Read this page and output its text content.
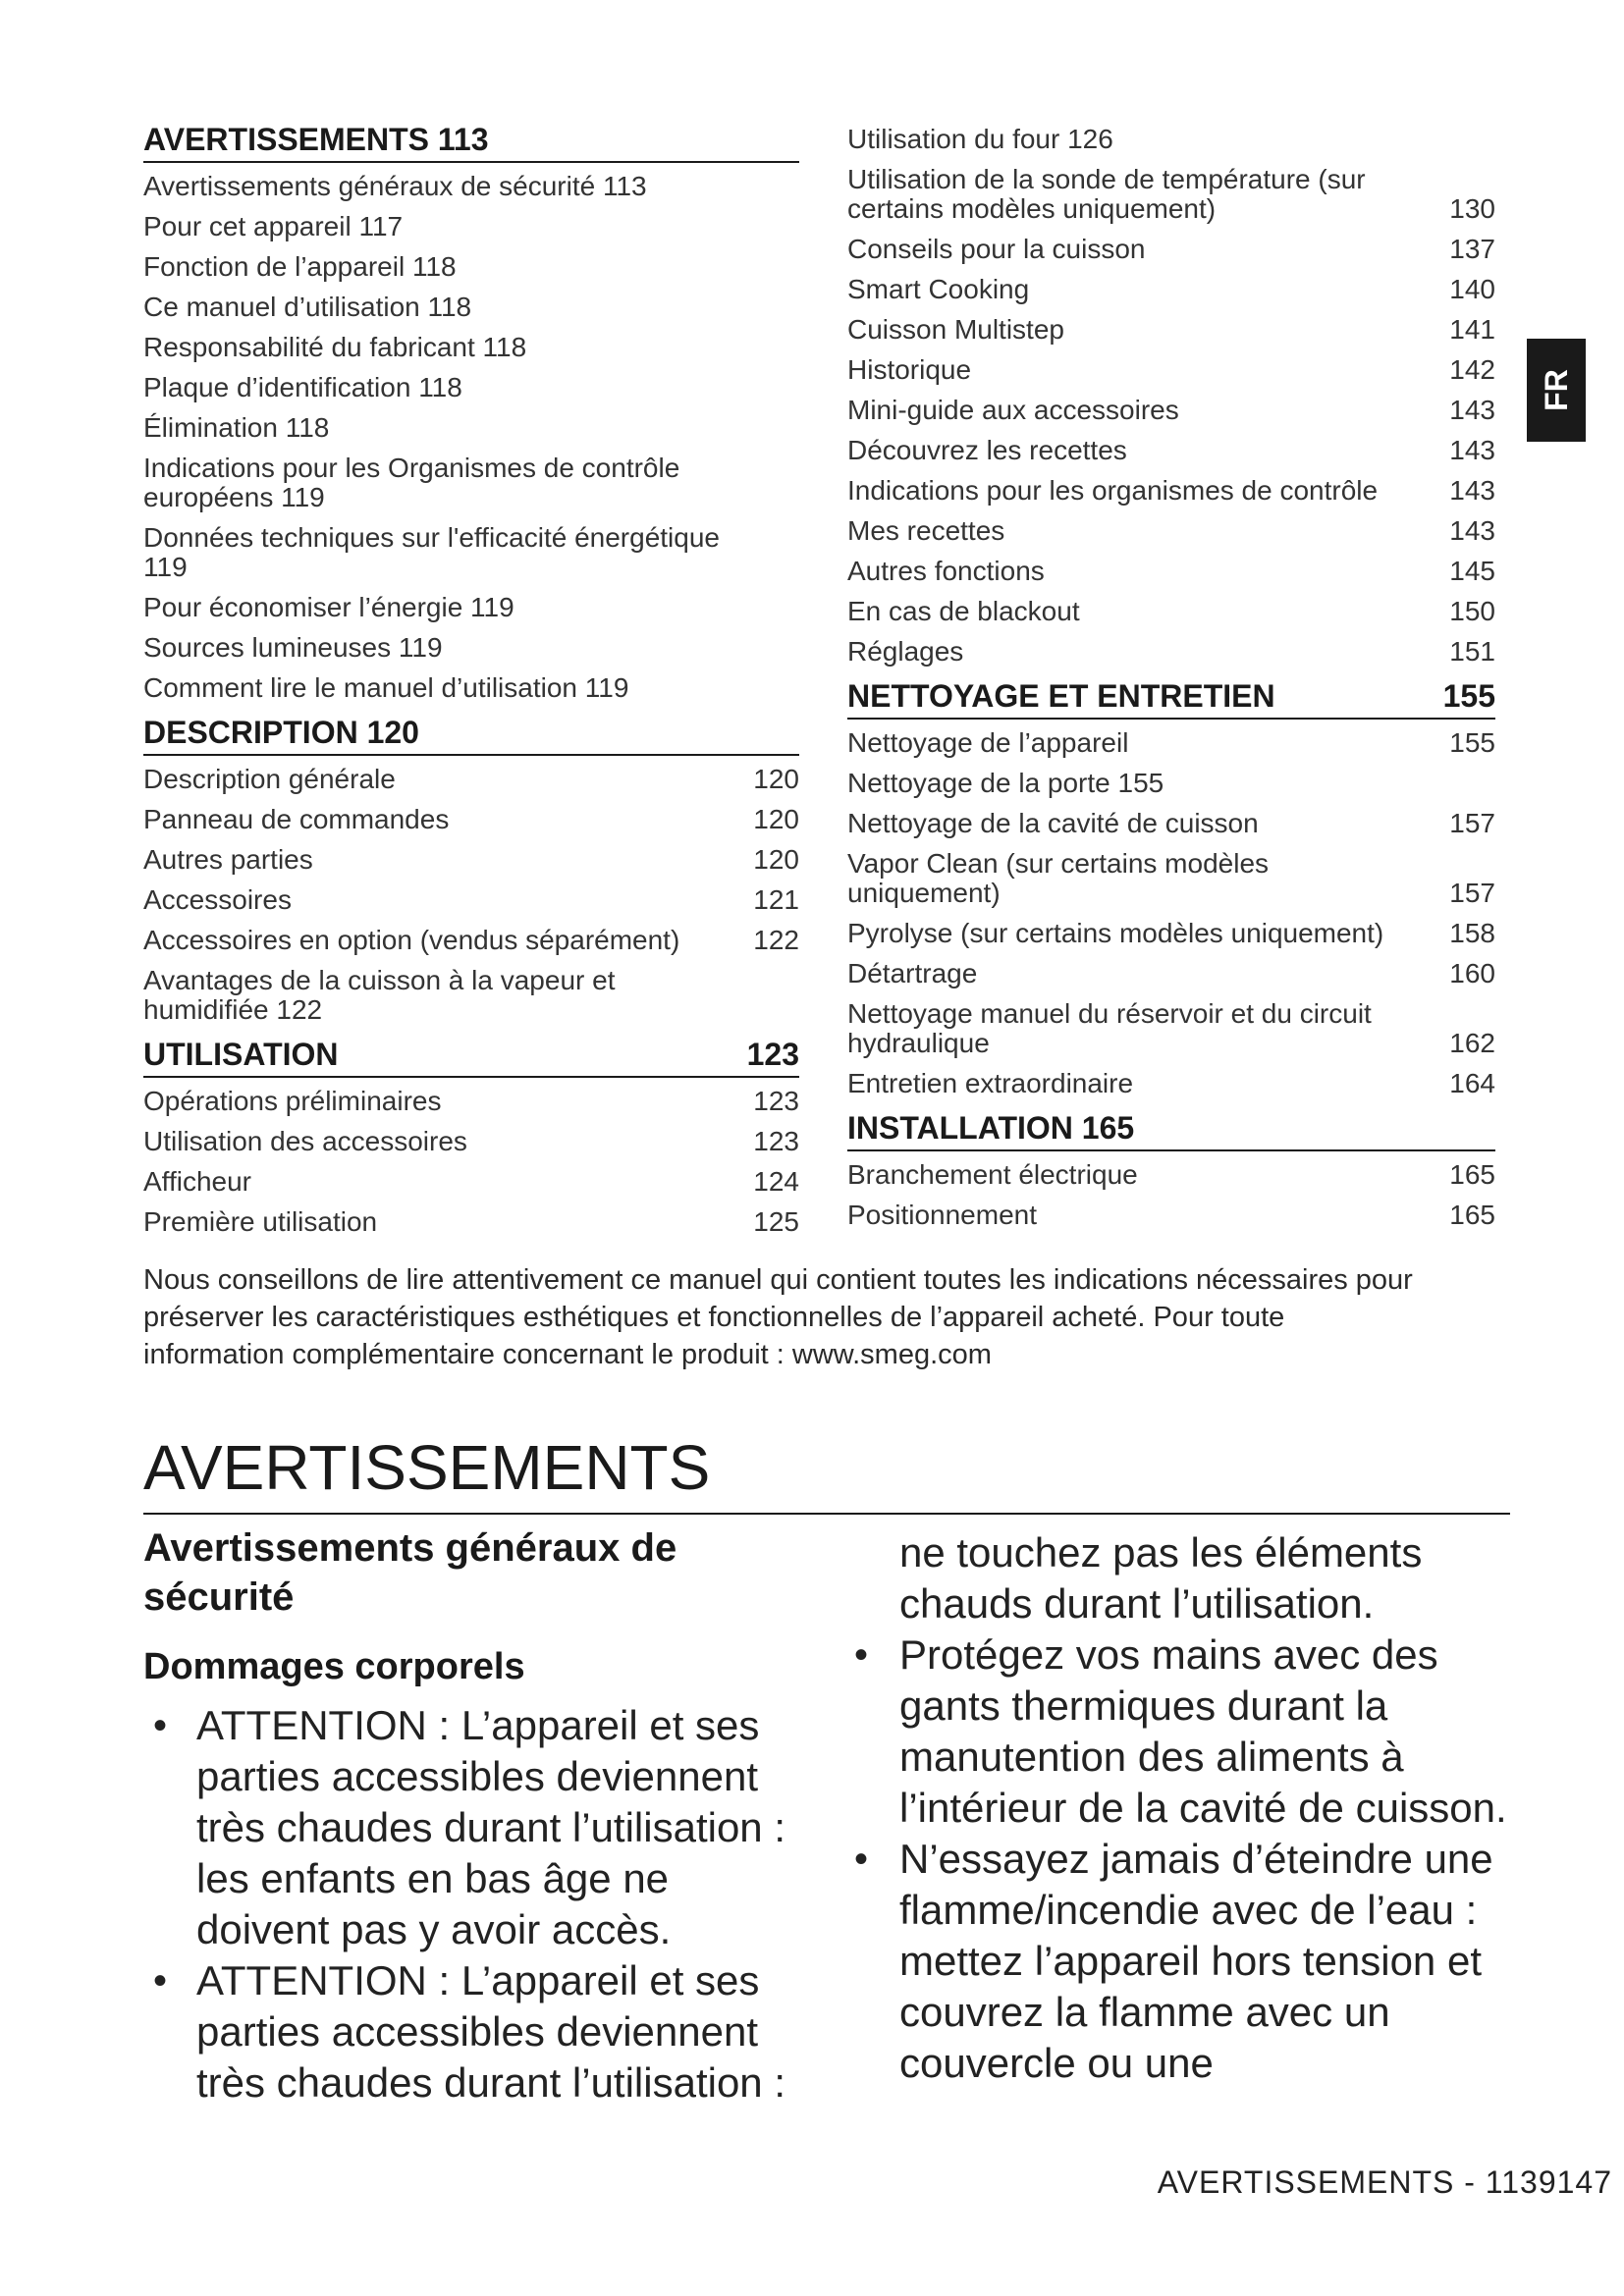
AVERTISSEMENTS 113
Avertissements généraux de sécurité 113
Pour cet appareil 117
Fonction de l’appareil 118
Ce manuel d’utilisation 118
Responsabilité du fabricant 118
Plaque d’identification 118
Élimination 118
Indications pour les Organismes de contrôle européens 119
Données techniques sur l'efficacité énergétique 119
Pour économiser l’énergie 119
Sources lumineuses 119
Comment lire le manuel d’utilisation 119
DESCRIPTION 120
Description générale	120
Panneau de commandes	120
Autres parties	120
Accessoires	121
Accessoires en option (vendus séparément)	122
Avantages de la cuisson à la vapeur et humidifiée 122
UTILISATION	123
Opérations préliminaires	123
Utilisation des accessoires	123
Afficheur	124
Première utilisation	125
Utilisation du four 126
Utilisation de la sonde de température (sur certains modèles uniquement)	130
Conseils pour la cuisson	137
Smart Cooking	140
Cuisson Multistep	141
Historique	142
Mini-guide aux accessoires	143
Découvrez les recettes	143
Indications pour les organismes de contrôle	143
Mes recettes	143
Autres fonctions	145
En cas de blackout	150
Réglages	151
NETTOYAGE ET ENTRETIEN	155
Nettoyage de l’appareil	155
Nettoyage de la porte 155
Nettoyage de la cavité de cuisson	157
Vapor Clean (sur certains modèles uniquement)	157
Pyrolyse (sur certains modèles uniquement)	158
Détartrage	160
Nettoyage manuel du réservoir et du circuit hydraulique	162
Entretien extraordinaire	164
INSTALLATION 165
Branchement électrique	165
Positionnement	165
FR
Nous conseillons de lire attentivement ce manuel qui contient toutes les indications nécessaires pour
préserver les caractéristiques esthétiques et fonctionnelles de l’appareil acheté. Pour toute
information complémentaire concernant le produit : www.smeg.com
AVERTISSEMENTS
Avertissements généraux de sécurité
Dommages corporels
• ATTENTION : L’appareil et ses parties accessibles deviennent très chaudes durant l’utilisation : les enfants en bas âge ne doivent pas y avoir accès.
• ATTENTION : L’appareil et ses parties accessibles deviennent très chaudes durant l’utilisation :
ne touchez pas les éléments chauds durant l’utilisation.
• Protégez vos mains avec des gants thermiques durant la manutention des aliments à l’intérieur de la cavité de cuisson.
• N’essayez jamais d’éteindre une flamme/incendie avec de l’eau : mettez l’appareil hors tension et couvrez la flamme avec un couvercle ou une
AVERTISSEMENTS - 1139147
